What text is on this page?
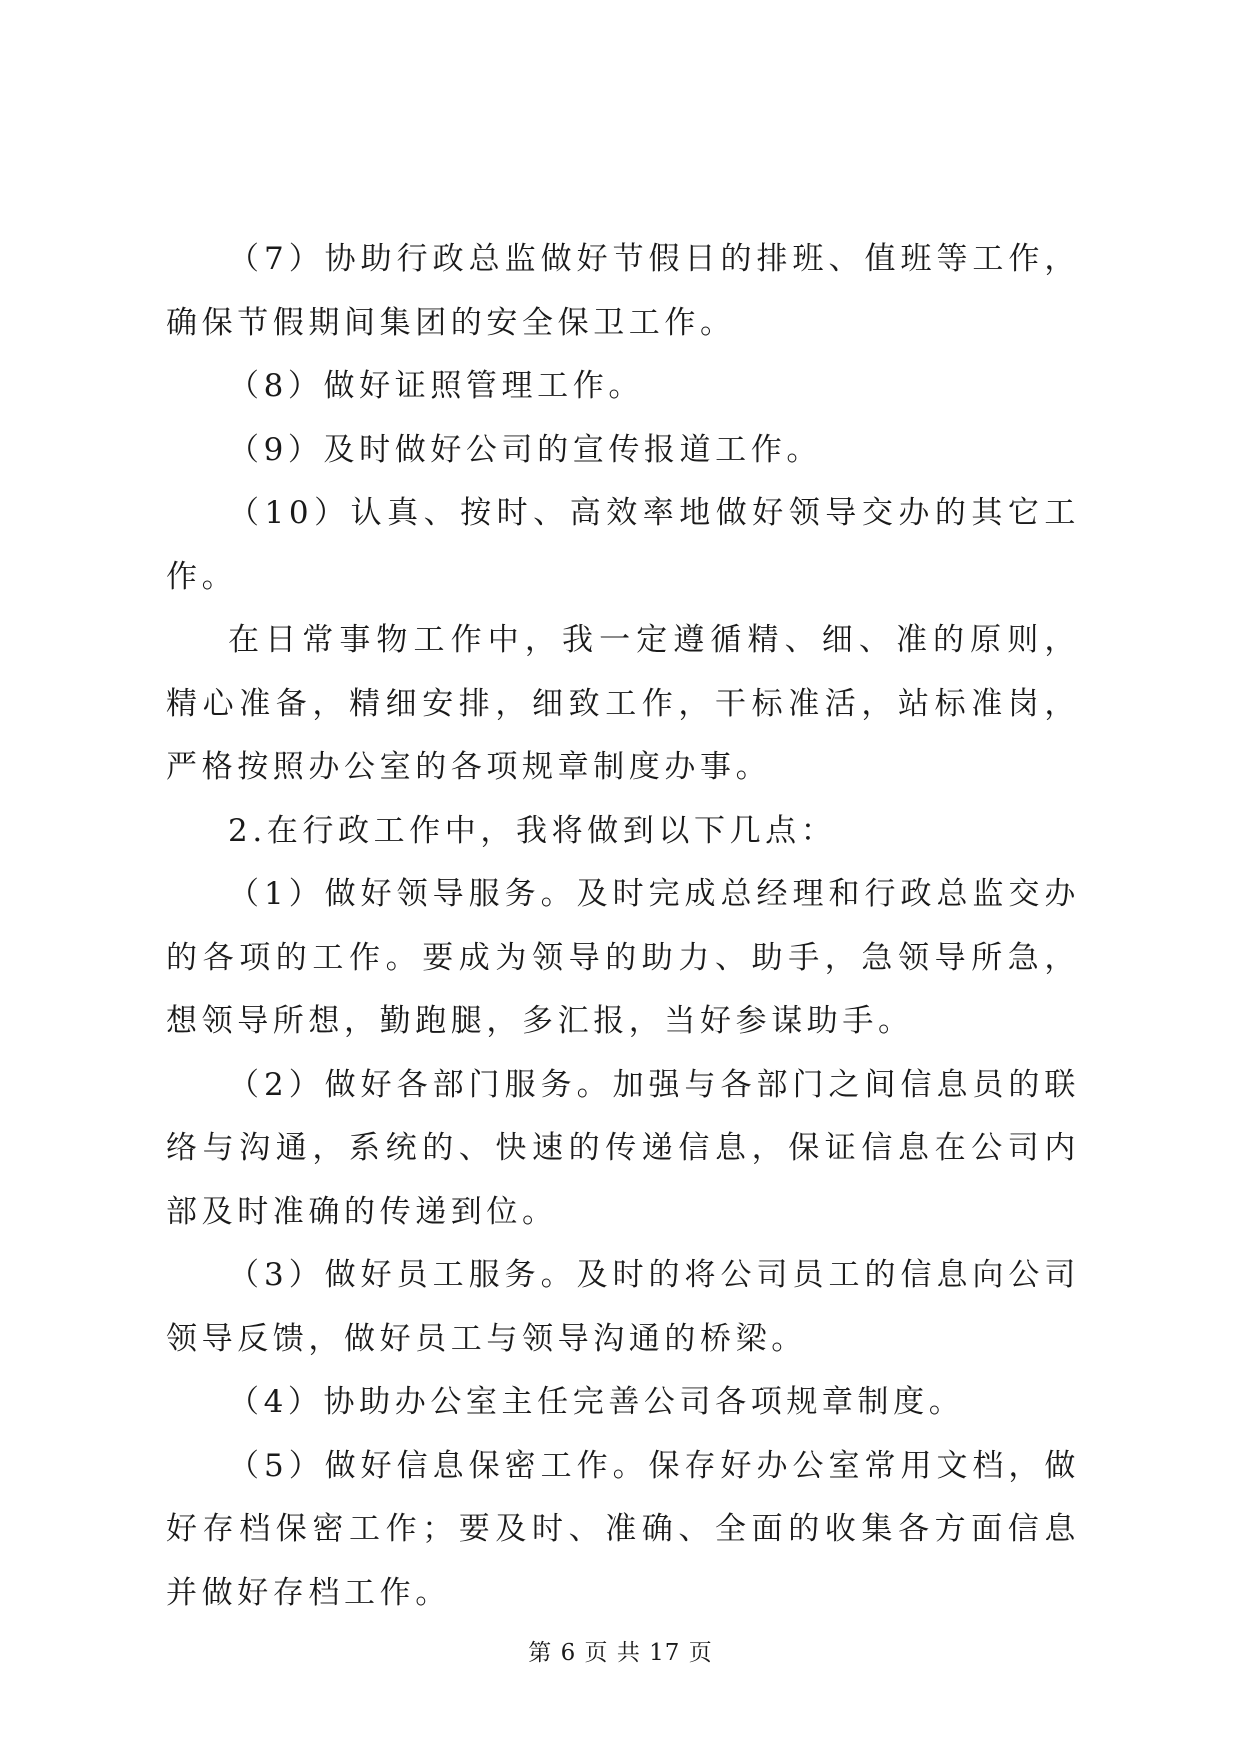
（7）协助行政总监做好节假日的排班、值班等工作，确保节假期间集团的安全保卫工作。

（8）做好证照管理工作。

（9）及时做好公司的宣传报道工作。

（10）认真、按时、高效率地做好领导交办的其它工作。

在日常事物工作中，我一定遵循精、细、准的原则，精心准备，精细安排，细致工作，干标准活，站标准岗，严格按照办公室的各项规章制度办事。

2.在行政工作中，我将做到以下几点：

（1）做好领导服务。及时完成总经理和行政总监交办的各项的工作。要成为领导的助力、助手，急领导所急，想领导所想，勤跑腿，多汇报，当好参谋助手。

（2）做好各部门服务。加强与各部门之间信息员的联络与沟通，系统的、快速的传递信息，保证信息在公司内部及时准确的传递到位。

（3）做好员工服务。及时的将公司员工的信息向公司领导反馈，做好员工与领导沟通的桥梁。

（4）协助办公室主任完善公司各项规章制度。

（5）做好信息保密工作。保存好办公室常用文档，做好存档保密工作；要及时、准确、全面的收集各方面信息并做好存档工作。

第 6 页 共 17 页
